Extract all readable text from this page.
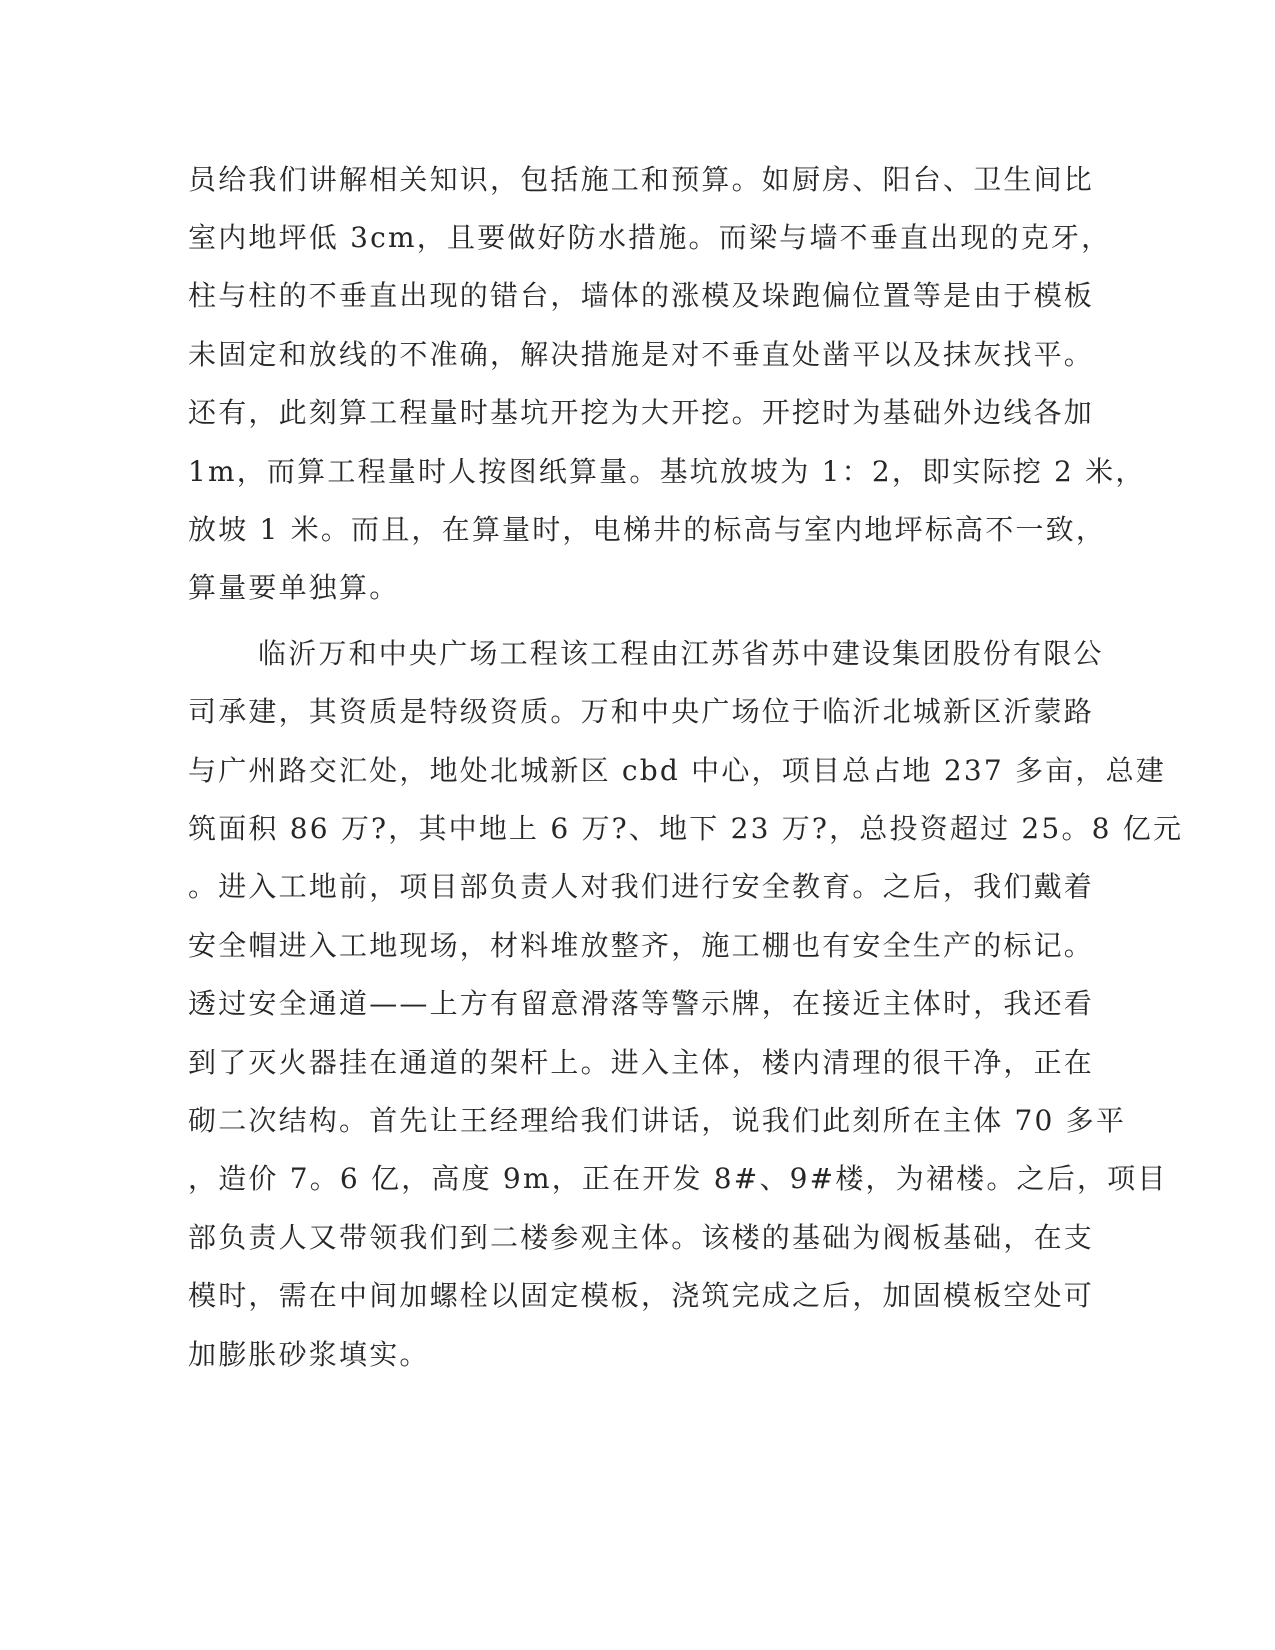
员给我们讲解相关知识，包括施工和预算。如厨房、阳台、卫生间比
室内地坪低 3cm，且要做好防水措施。而梁与墙不垂直出现的克牙，
柱与柱的不垂直出现的错台，墙体的涨模及垛跑偏位置等是由于模板
未固定和放线的不准确，解决措施是对不垂直处凿平以及抹灰找平。
还有，此刻算工程量时基坑开挖为大开挖。开挖时为基础外边线各加
1m，而算工程量时人按图纸算量。基坑放坡为 1：2，即实际挖 2 米，
放坡 1 米。而且，在算量时，电梯井的标高与室内地坪标高不一致，
算量要单独算。
临沂万和中央广场工程该工程由江苏省苏中建设集团股份有限公
司承建，其资质是特级资质。万和中央广场位于临沂北城新区沂蒙路
与广州路交汇处，地处北城新区 cbd 中心，项目总占地 237 多亩，总建
筑面积 86 万?，其中地上 6 万?、地下 23 万?，总投资超过 25。8 亿元
。进入工地前，项目部负责人对我们进行安全教育。之后，我们戴着
安全帽进入工地现场，材料堆放整齐，施工棚也有安全生产的标记。
透过安全通道——上方有留意滑落等警示牌，在接近主体时，我还看
到了灭火器挂在通道的架杆上。进入主体，楼内清理的很干净，正在
砌二次结构。首先让王经理给我们讲话，说我们此刻所在主体 70 多平
，造价 7。6 亿，高度 9m，正在开发 8#、9#楼，为裙楼。之后，项目
部负责人又带领我们到二楼参观主体。该楼的基础为阀板基础，在支
模时，需在中间加螺栓以固定模板，浇筑完成之后，加固模板空处可
加膨胀砂浆填实。
